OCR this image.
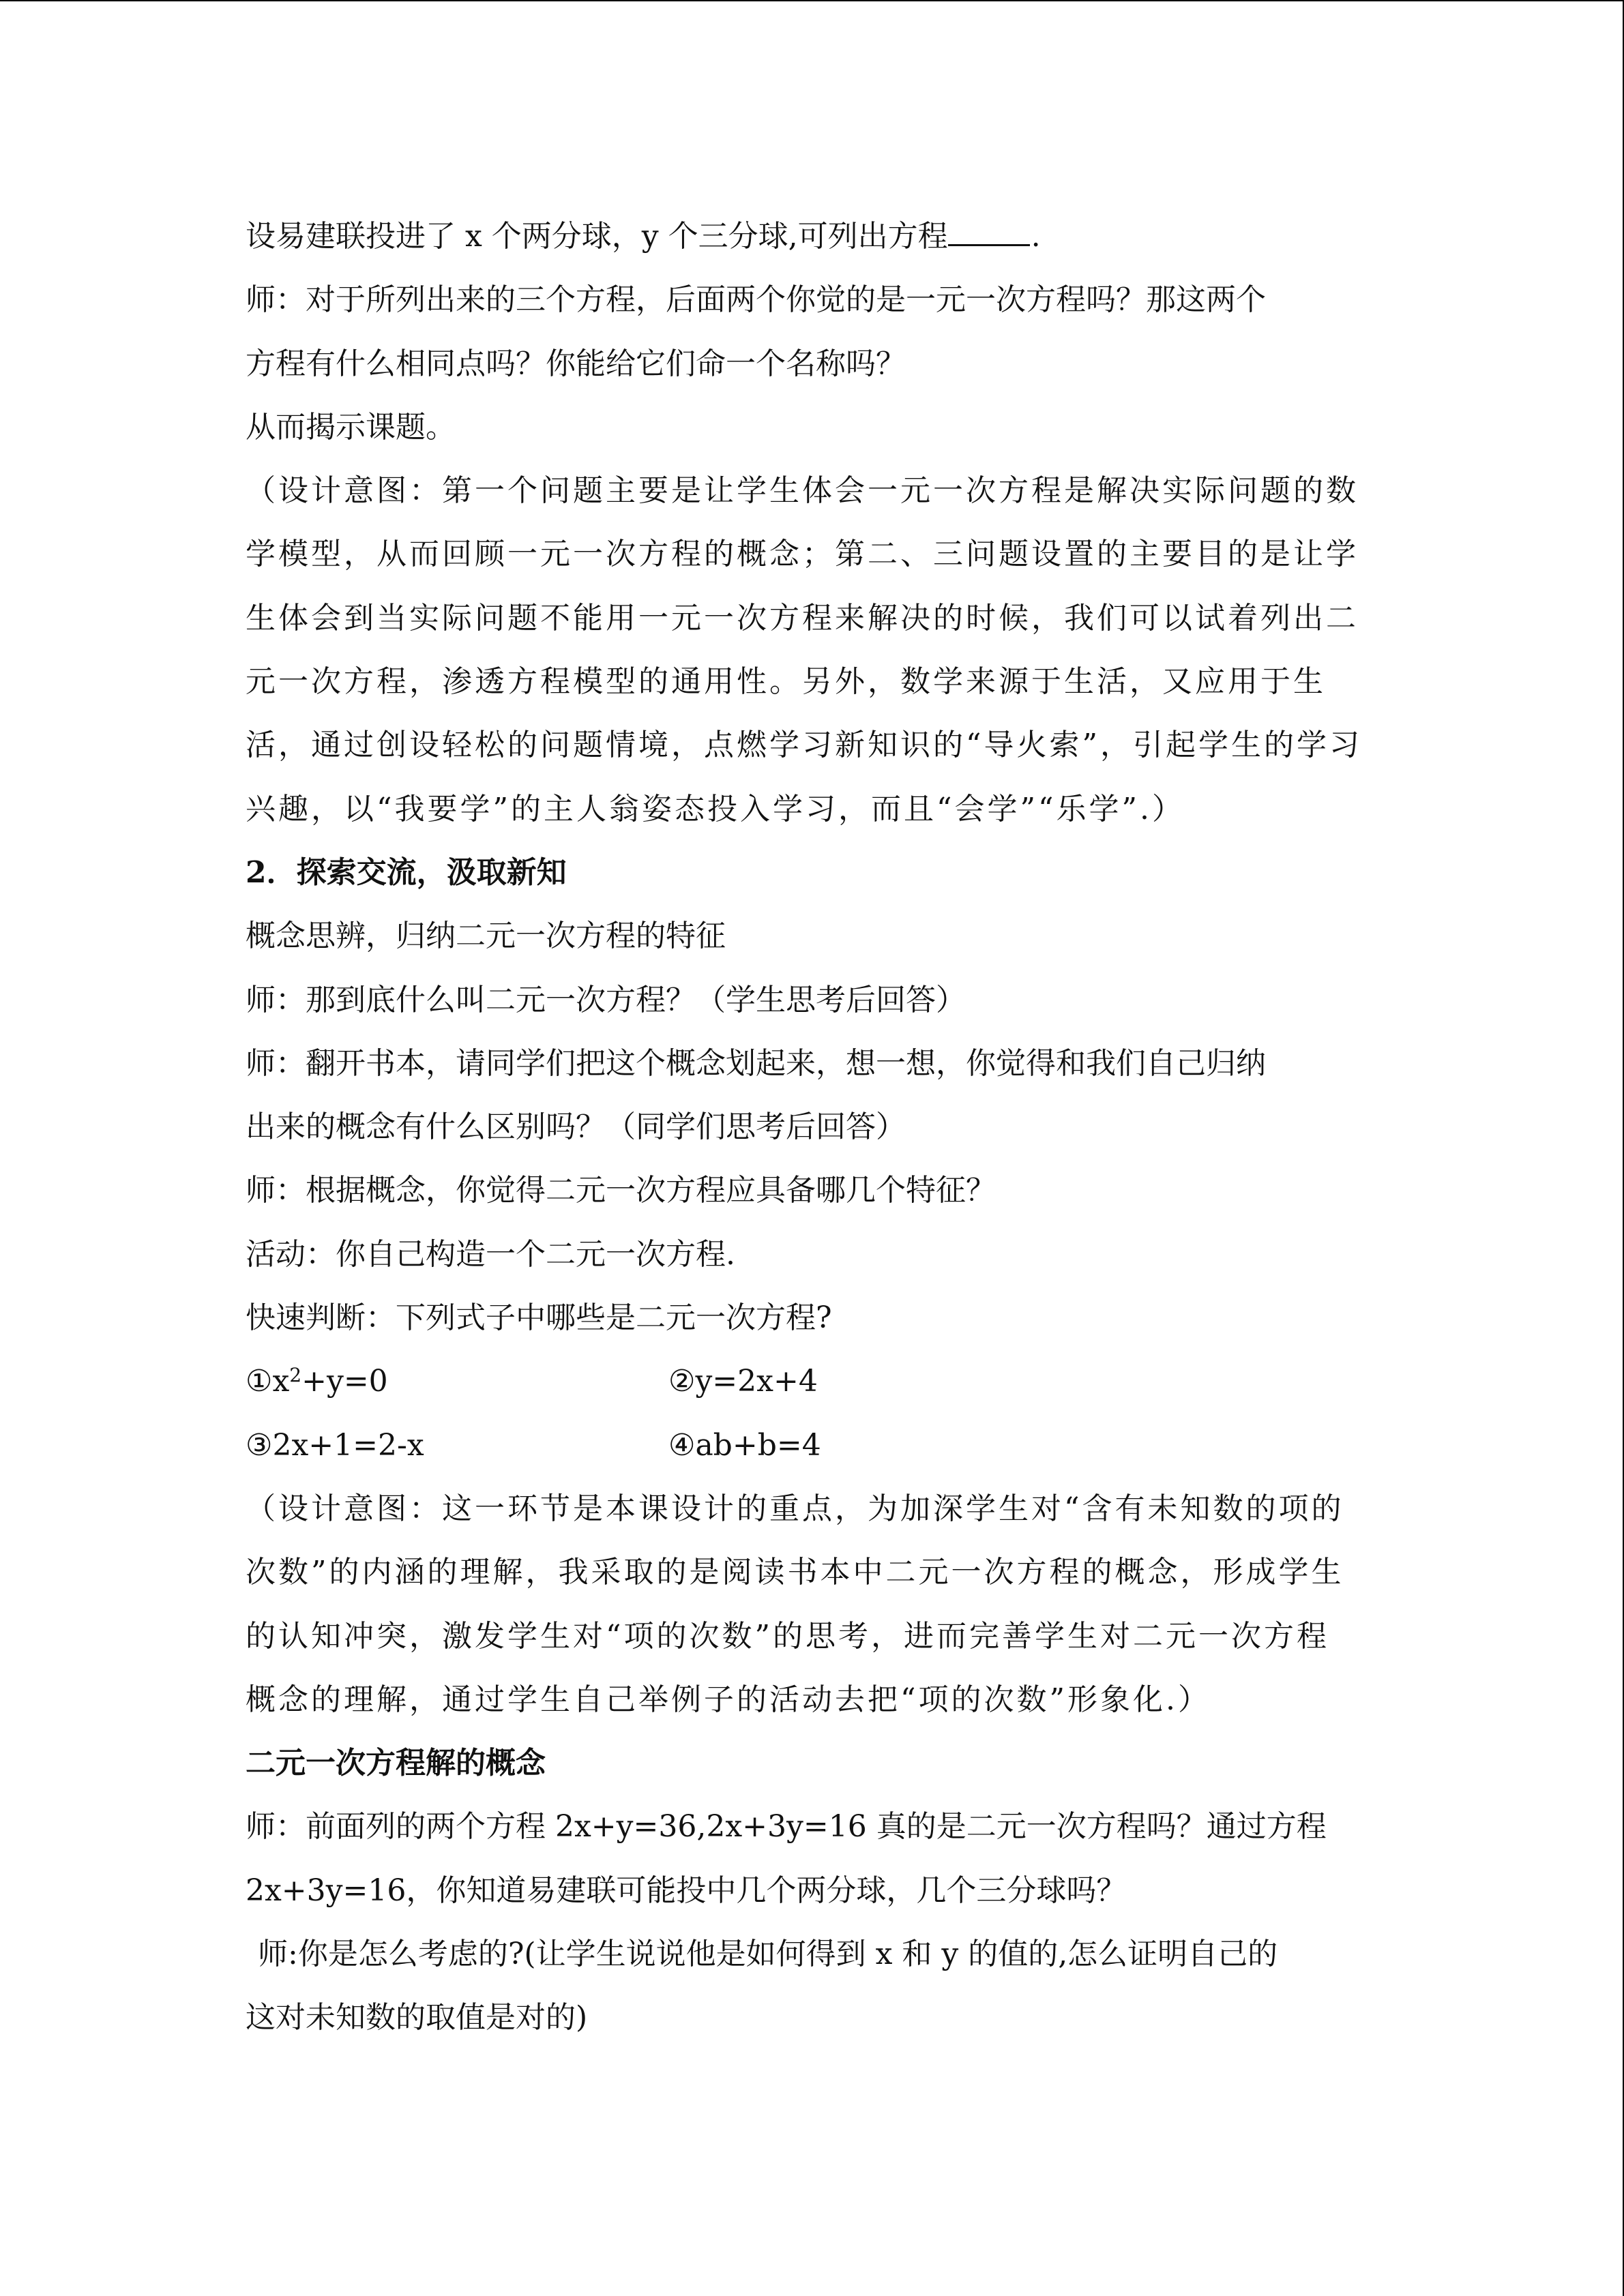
设易建联投进了 x 个两分球，y 个三分球,可列出方程	.
师：对于所列出来的三个方程，后面两个你觉的是一元一次方程吗？那这两个
方程有什么相同点吗？你能给它们命一个名称吗？
从而揭示课题。
（设计意图：第一个问题主要是让学生体会一元一次方程是解决实际问题的数
学模型，从而回顾一元一次方程的概念；第二、三问题设置的主要目的是让学
生体会到当实际问题不能用一元一次方程来解决的时候，我们可以试着列出二
元一次方程，渗透方程模型的通用性。另外，数学来源于生活，又应用于生
活，通过创设轻松的问题情境，点燃学习新知识的“导火索”，引起学生的学习
兴趣，以“我要学”的主人翁姿态投入学习，而且“会学”“乐学”.）
2．探索交流，汲取新知
概念思辨，归纳二元一次方程的特征
师：那到底什么叫二元一次方程？（学生思考后回答）
师：翻开书本，请同学们把这个概念划起来，想一想，你觉得和我们自己归纳
出来的概念有什么区别吗？（同学们思考后回答）
师：根据概念，你觉得二元一次方程应具备哪几个特征？
活动：你自己构造一个二元一次方程.
快速判断：下列式子中哪些是二元一次方程?
$①x^2+y=0$	②y=2x+4
③2x+1=2-x	④ab+b=4
（设计意图：这一环节是本课设计的重点，为加深学生对“含有未知数的项的
次数”的内涵的理解，我采取的是阅读书本中二元一次方程的概念，形成学生
的认知冲突，激发学生对“项的次数”的思考，进而完善学生对二元一次方程
概念的理解，通过学生自己举例子的活动去把“项的次数”形象化.）
二元一次方程解的概念
师：前面列的两个方程 2x+y=36,2x+3y=16 真的是二元一次方程吗？通过方程
2x+3y=16，你知道易建联可能投中几个两分球，几个三分球吗？
师:你是怎么考虑的?(让学生说说他是如何得到 x 和 y 的值的,怎么证明自己的
这对未知数的取值是对的)
